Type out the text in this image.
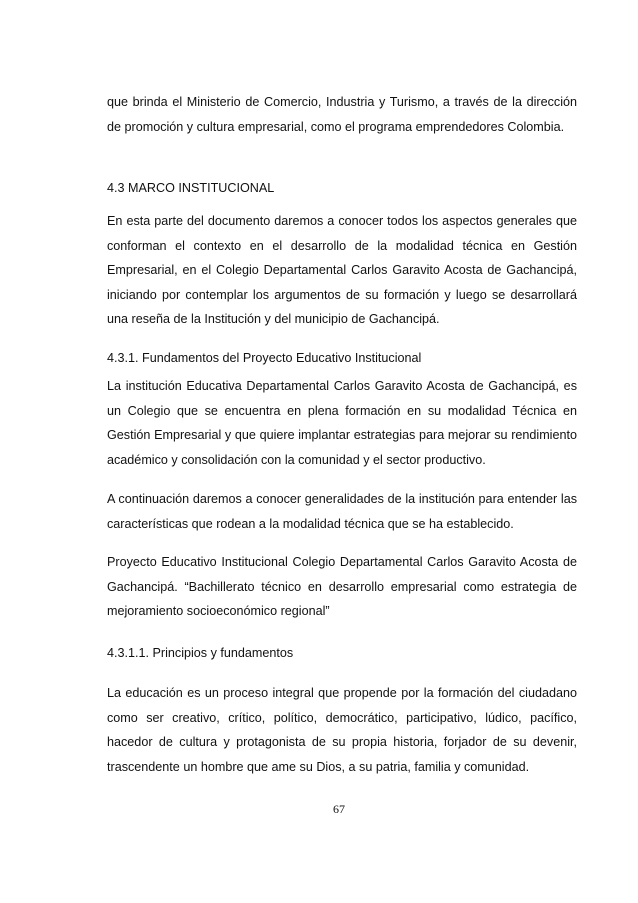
que brinda el Ministerio de Comercio, Industria y Turismo, a través de la dirección de promoción y cultura empresarial, como el programa emprendedores Colombia.

4.3 MARCO INSTITUCIONAL

En esta parte del documento daremos a conocer todos los aspectos generales que conforman el contexto en el desarrollo de la modalidad técnica en Gestión Empresarial, en el Colegio Departamental Carlos Garavito Acosta de Gachancipá, iniciando por contemplar los argumentos de su formación y luego se desarrollará una reseña de la Institución y del municipio de Gachancipá.

4.3.1. Fundamentos del Proyecto Educativo Institucional

La institución Educativa Departamental Carlos Garavito Acosta de Gachancipá, es un Colegio que se encuentra en plena formación en su modalidad Técnica en Gestión Empresarial y que quiere implantar estrategias para mejorar su rendimiento académico y consolidación con la comunidad y el sector productivo.

A continuación daremos a conocer generalidades de la institución para entender las características que rodean a la modalidad técnica que se ha establecido.

Proyecto Educativo Institucional Colegio Departamental Carlos Garavito Acosta de Gachancipá. “Bachillerato técnico en desarrollo empresarial como estrategia de mejoramiento socioeconómico regional”

4.3.1.1. Principios y fundamentos

La educación es un proceso integral que propende por la formación del ciudadano como ser creativo, crítico, político, democrático, participativo, lúdico, pacífico, hacedor de cultura y protagonista de su propia historia, forjador de su devenir, trascendente un hombre que ame su Dios, a su patria, familia y comunidad.

67
